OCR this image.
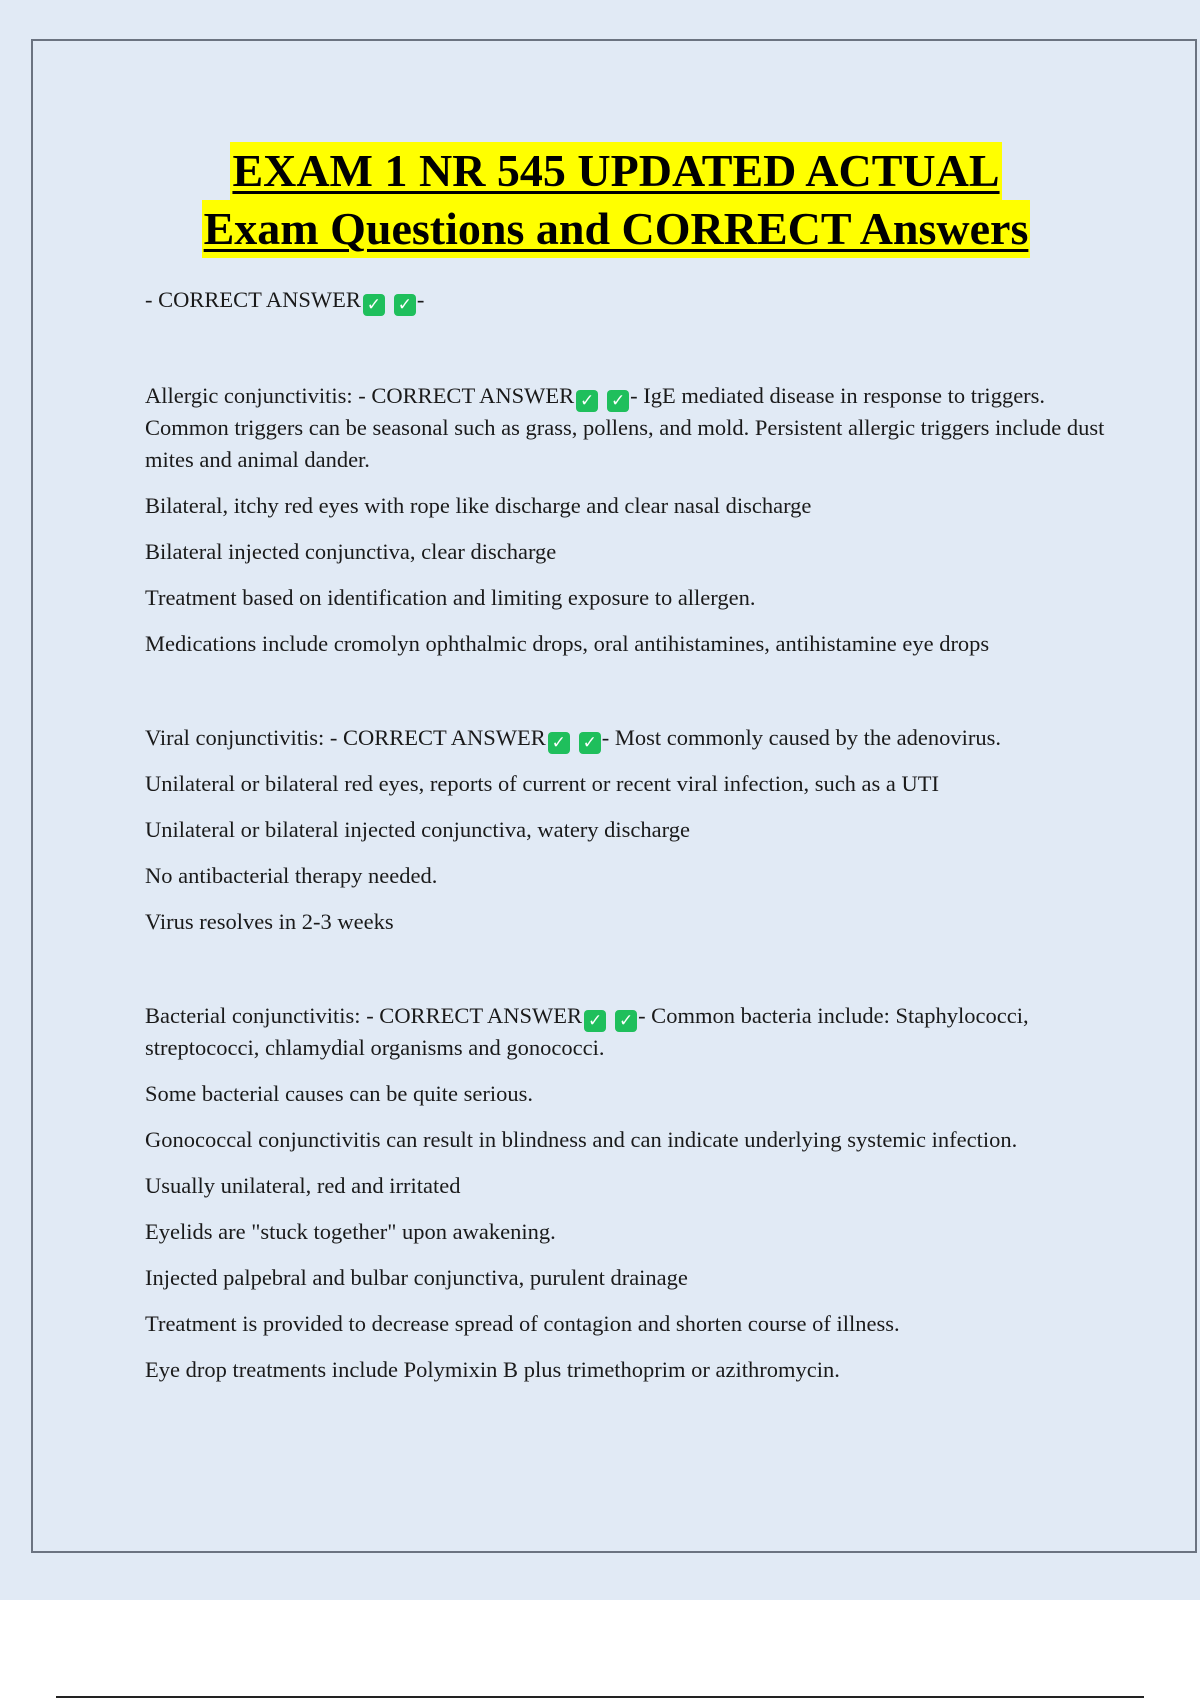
EXAM 1 NR 545 UPDATED ACTUAL
Exam Questions and CORRECT Answers

- CORRECT ANSWER ✓ ✓ -

Allergic conjunctivitis: - CORRECT ANSWER ✓ ✓ - IgE mediated disease in response to triggers. Common triggers can be seasonal such as grass, pollens, and mold. Persistent allergic triggers include dust mites and animal dander.

Bilateral, itchy red eyes with rope like discharge and clear nasal discharge

Bilateral injected conjunctiva, clear discharge

Treatment based on identification and limiting exposure to allergen.

Medications include cromolyn ophthalmic drops, oral antihistamines, antihistamine eye drops

Viral conjunctivitis: - CORRECT ANSWER ✓ ✓ - Most commonly caused by the adenovirus.

Unilateral or bilateral red eyes, reports of current or recent viral infection, such as a UTI

Unilateral or bilateral injected conjunctiva, watery discharge

No antibacterial therapy needed.

Virus resolves in 2-3 weeks

Bacterial conjunctivitis: - CORRECT ANSWER ✓ ✓ - Common bacteria include: Staphylococci, streptococci, chlamydial organisms and gonococci.

Some bacterial causes can be quite serious.

Gonococcal conjunctivitis can result in blindness and can indicate underlying systemic infection.

Usually unilateral, red and irritated

Eyelids are "stuck together" upon awakening.

Injected palpebral and bulbar conjunctiva, purulent drainage

Treatment is provided to decrease spread of contagion and shorten course of illness.

Eye drop treatments include Polymixin B plus trimethoprim or azithromycin.
